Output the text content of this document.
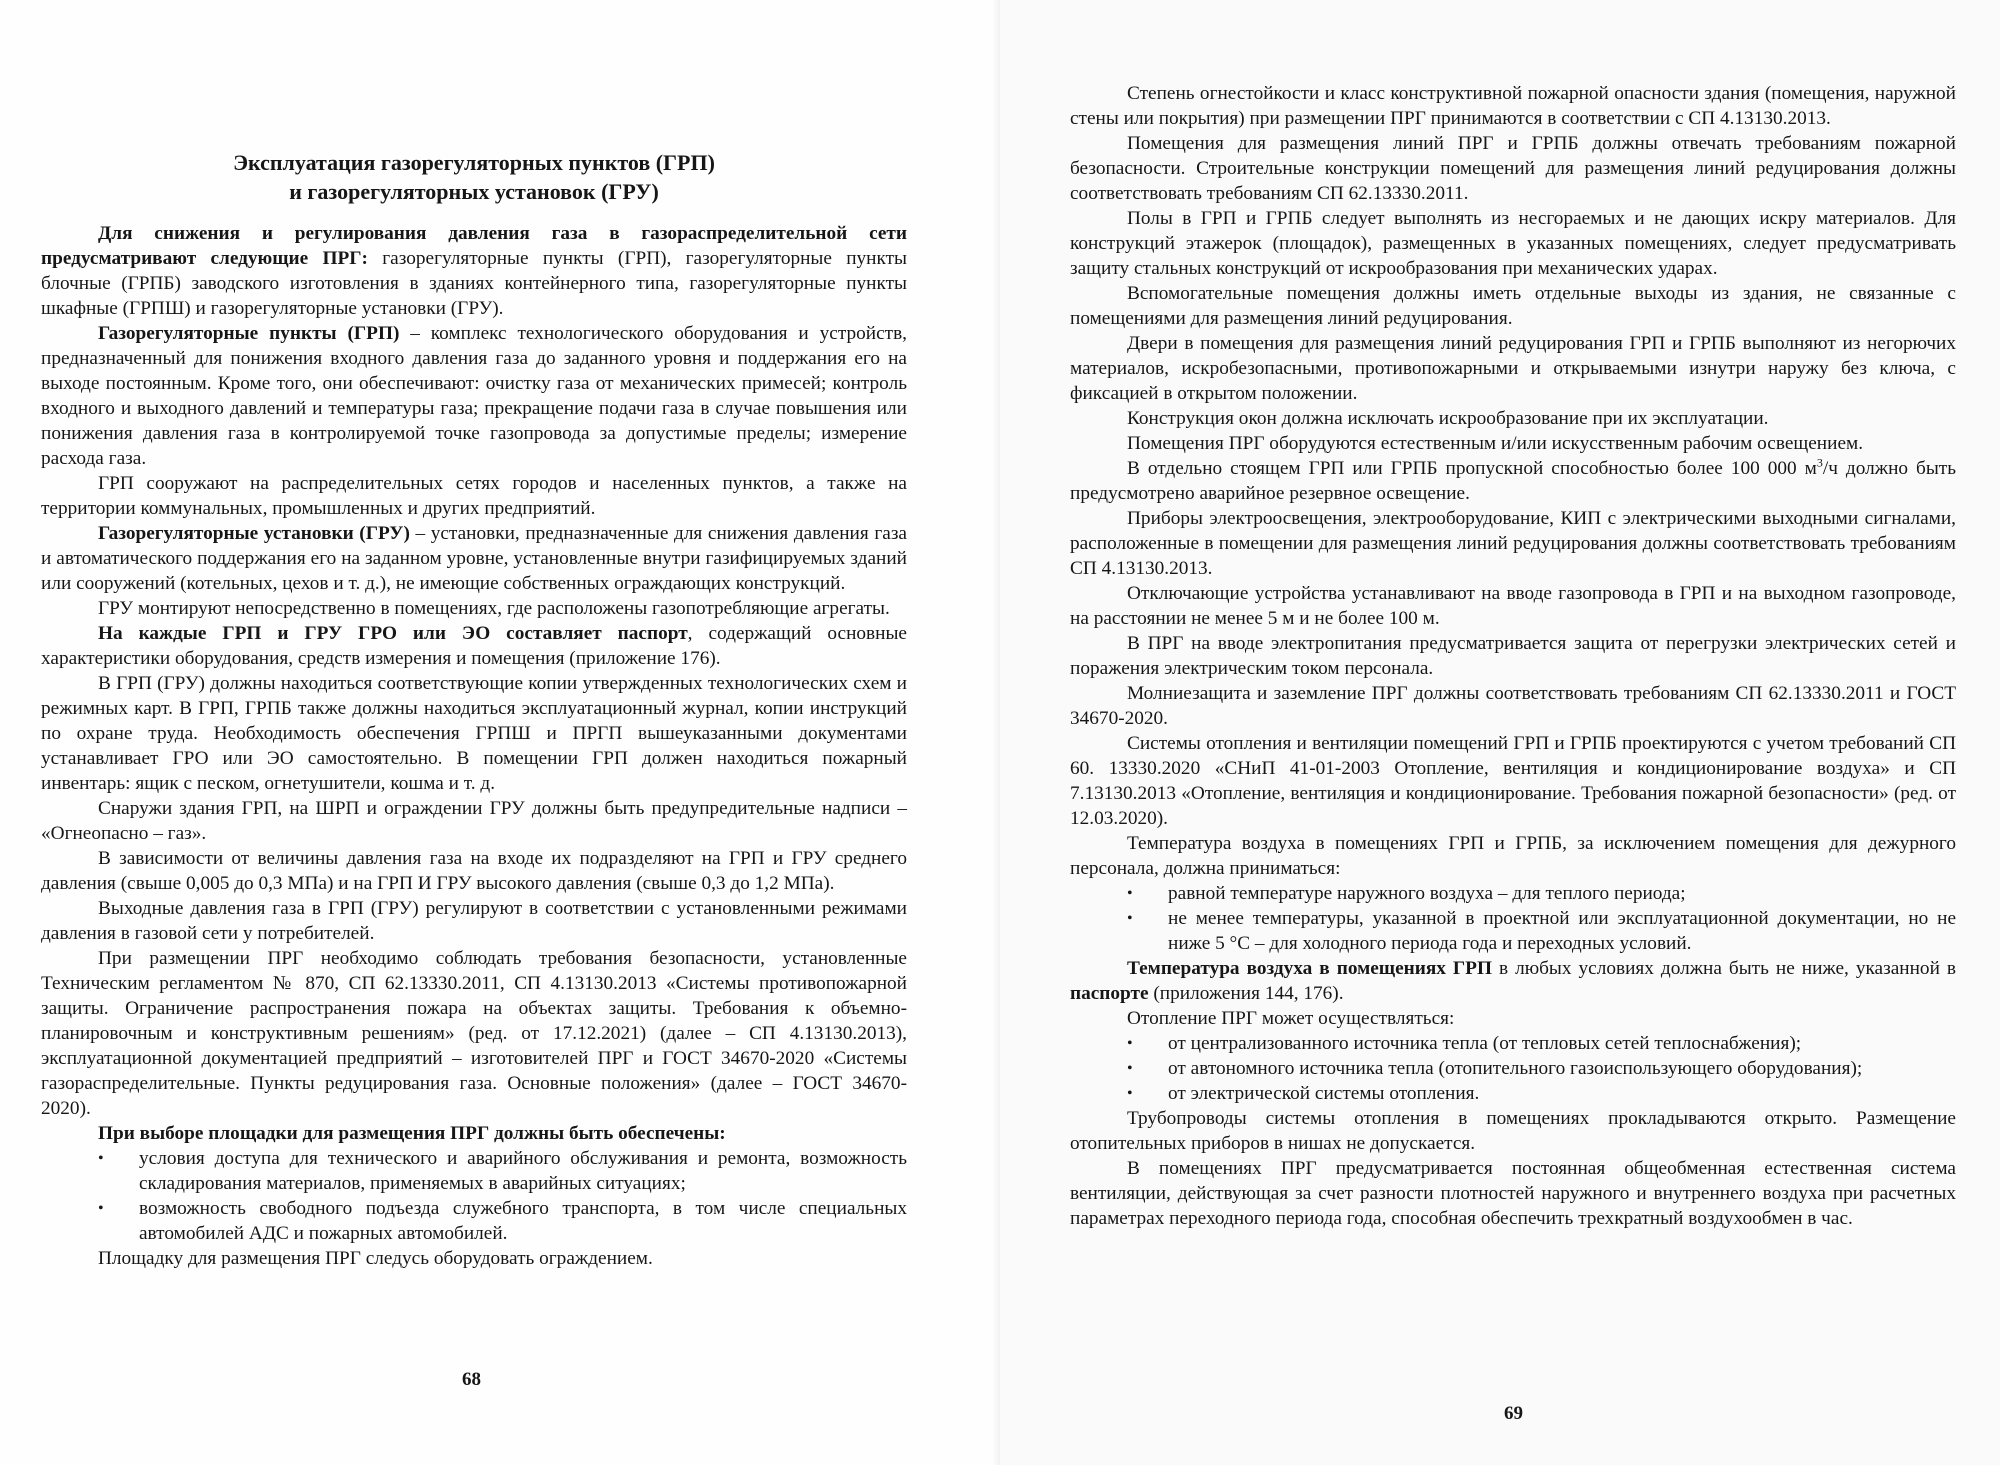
Эксплуатация газорегуляторных пунктов (ГРП)
и газорегуляторных установок (ГРУ)

Для снижения и регулирования давления газа в газораспределительной сети предусматривают следующие ПРГ: газорегуляторные пункты (ГРП), газорегуляторные пункты блочные (ГРПБ) заводского изготовления в зданиях контейнерного типа, газорегуляторные пункты шкафные (ГРПШ) и газорегуляторные установки (ГРУ).

Газорегуляторные пункты (ГРП) – комплекс технологического оборудования и устройств, предназначенный для понижения входного давления газа до заданного уровня и поддержания его на выходе постоянным. Кроме того, они обеспечивают: очистку газа от механических примесей; контроль входного и выходного давлений и температуры газа; прекращение подачи газа в случае повышения или понижения давления газа в контролируемой точке газопровода за допустимые пределы; измерение расхода газа.

ГРП сооружают на распределительных сетях городов и населенных пунктов, а также на территории коммунальных, промышленных и других предприятий.

Газорегуляторные установки (ГРУ) – установки, предназначенные для снижения давления газа и автоматического поддержания его на заданном уровне, установленные внутри газифицируемых зданий или сооружений (котельных, цехов и т. д.), не имеющие собственных ограждающих конструкций.

ГРУ монтируют непосредственно в помещениях, где расположены газопотребляющие агрегаты.

На каждые ГРП и ГРУ ГРО или ЭО составляет паспорт, содержащий основные характеристики оборудования, средств измерения и помещения (приложение 176).

В ГРП (ГРУ) должны находиться соответствующие копии утвержденных технологических схем и режимных карт. В ГРП, ГРПБ также должны находиться эксплуатационный журнал, копии инструкций по охране труда. Необходимость обеспечения ГРПШ и ПРГП вышеуказанными документами устанавливает ГРО или ЭО самостоятельно. В помещении ГРП должен находиться пожарный инвентарь: ящик с песком, огнетушители, кошма и т. д.

Снаружи здания ГРП, на ШРП и ограждении ГРУ должны быть предупредительные надписи – «Огнеопасно – газ».

В зависимости от величины давления газа на входе их подразделяют на ГРП и ГРУ среднего давления (свыше 0,005 до 0,3 МПа) и на ГРП И ГРУ высокого давления (свыше 0,3 до 1,2 МПа).

Выходные давления газа в ГРП (ГРУ) регулируют в соответствии с установленными режимами давления в газовой сети у потребителей.

При размещении ПРГ необходимо соблюдать требования безопасности, установленные Техническим регламентом № 870, СП 62.13330.2011, СП 4.13130.2013 «Системы противопожарной защиты. Ограничение распространения пожара на объектах защиты. Требования к объемно-планировочным и конструктивным решениям» (ред. от 17.12.2021) (далее – СП 4.13130.2013), эксплуатационной документацией предприятий – изготовителей ПРГ и ГОСТ 34670-2020 «Системы газораспределительные. Пункты редуцирования газа. Основные положения» (далее – ГОСТ 34670-2020).

При выборе площадки для размещения ПРГ должны быть обеспечены:

• условия доступа для технического и аварийного обслуживания и ремонта, возможность складирования материалов, применяемых в аварийных ситуациях;
• возможность свободного подъезда служебного транспорта, в том числе специальных автомобилей АДС и пожарных автомобилей.

Площадку для размещения ПРГ следусь оборудовать ограждением.

68

Степень огнестойкости и класс конструктивной пожарной опасности здания (помещения, наружной стены или покрытия) при размещении ПРГ принимаются в соответствии с СП 4.13130.2013.

Помещения для размещения линий ПРГ и ГРПБ должны отвечать требованиям пожарной безопасности. Строительные конструкции помещений для размещения линий редуцирования должны соответствовать требованиям СП 62.13330.2011.

Полы в ГРП и ГРПБ следует выполнять из несгораемых и не дающих искру материалов. Для конструкций этажерок (площадок), размещенных в указанных помещениях, следует предусматривать защиту стальных конструкций от искрообразования при механических ударах.

Вспомогательные помещения должны иметь отдельные выходы из здания, не связанные с помещениями для размещения линий редуцирования.

Двери в помещения для размещения линий редуцирования ГРП и ГРПБ выполняют из негорючих материалов, искробезопасными, противопожарными и открываемыми изнутри наружу без ключа, с фиксацией в открытом положении.

Конструкция окон должна исключать искрообразование при их эксплуатации.

Помещения ПРГ оборудуются естественным и/или искусственным рабочим освещением.

В отдельно стоящем ГРП или ГРПБ пропускной способностью более 100 000 $м^3/ч$ должно быть предусмотрено аварийное резервное освещение.

Приборы электроосвещения, электрооборудование, КИП с электрическими выходными сигналами, расположенные в помещении для размещения линий редуцирования должны соответствовать требованиям СП 4.13130.2013.

Отключающие устройства устанавливают на вводе газопровода в ГРП и на выходном газопроводе, на расстоянии не менее 5 м и не более 100 м.

В ПРГ на вводе электропитания предусматривается защита от перегрузки электрических сетей и поражения электрическим током персонала.

Молниезащита и заземление ПРГ должны соответствовать требованиям СП 62.13330.2011 и ГОСТ 34670-2020.

Системы отопления и вентиляции помещений ГРП и ГРПБ проектируются с учетом требований СП 60. 13330.2020 «СНиП 41-01-2003 Отопление, вентиляция и кондиционирование воздуха» и СП 7.13130.2013 «Отопление, вентиляция и кондиционирование. Требования пожарной безопасности» (ред. от 12.03.2020).

Температура воздуха в помещениях ГРП и ГРПБ, за исключением помещения для дежурного персонала, должна приниматься:

• равной температуре наружного воздуха – для теплого периода;
• не менее температуры, указанной в проектной или эксплуатационной документации, но не ниже 5 °C – для холодного периода года и переходных условий.

Температура воздуха в помещениях ГРП в любых условиях должна быть не ниже, указанной в паспорте (приложения 144, 176).

Отопление ПРГ может осуществляться:

• от централизованного источника тепла (от тепловых сетей теплоснабжения);
• от автономного источника тепла (отопительного газоиспользующего оборудования);
• от электрической системы отопления.

Трубопроводы системы отопления в помещениях прокладываются открыто. Размещение отопительных приборов в нишах не допускается.

В помещениях ПРГ предусматривается постоянная общеобменная естественная система вентиляции, действующая за счет разности плотностей наружного и внутреннего воздуха при расчетных параметрах переходного периода года, способная обеспечить трехкратный воздухообмен в час.

69
